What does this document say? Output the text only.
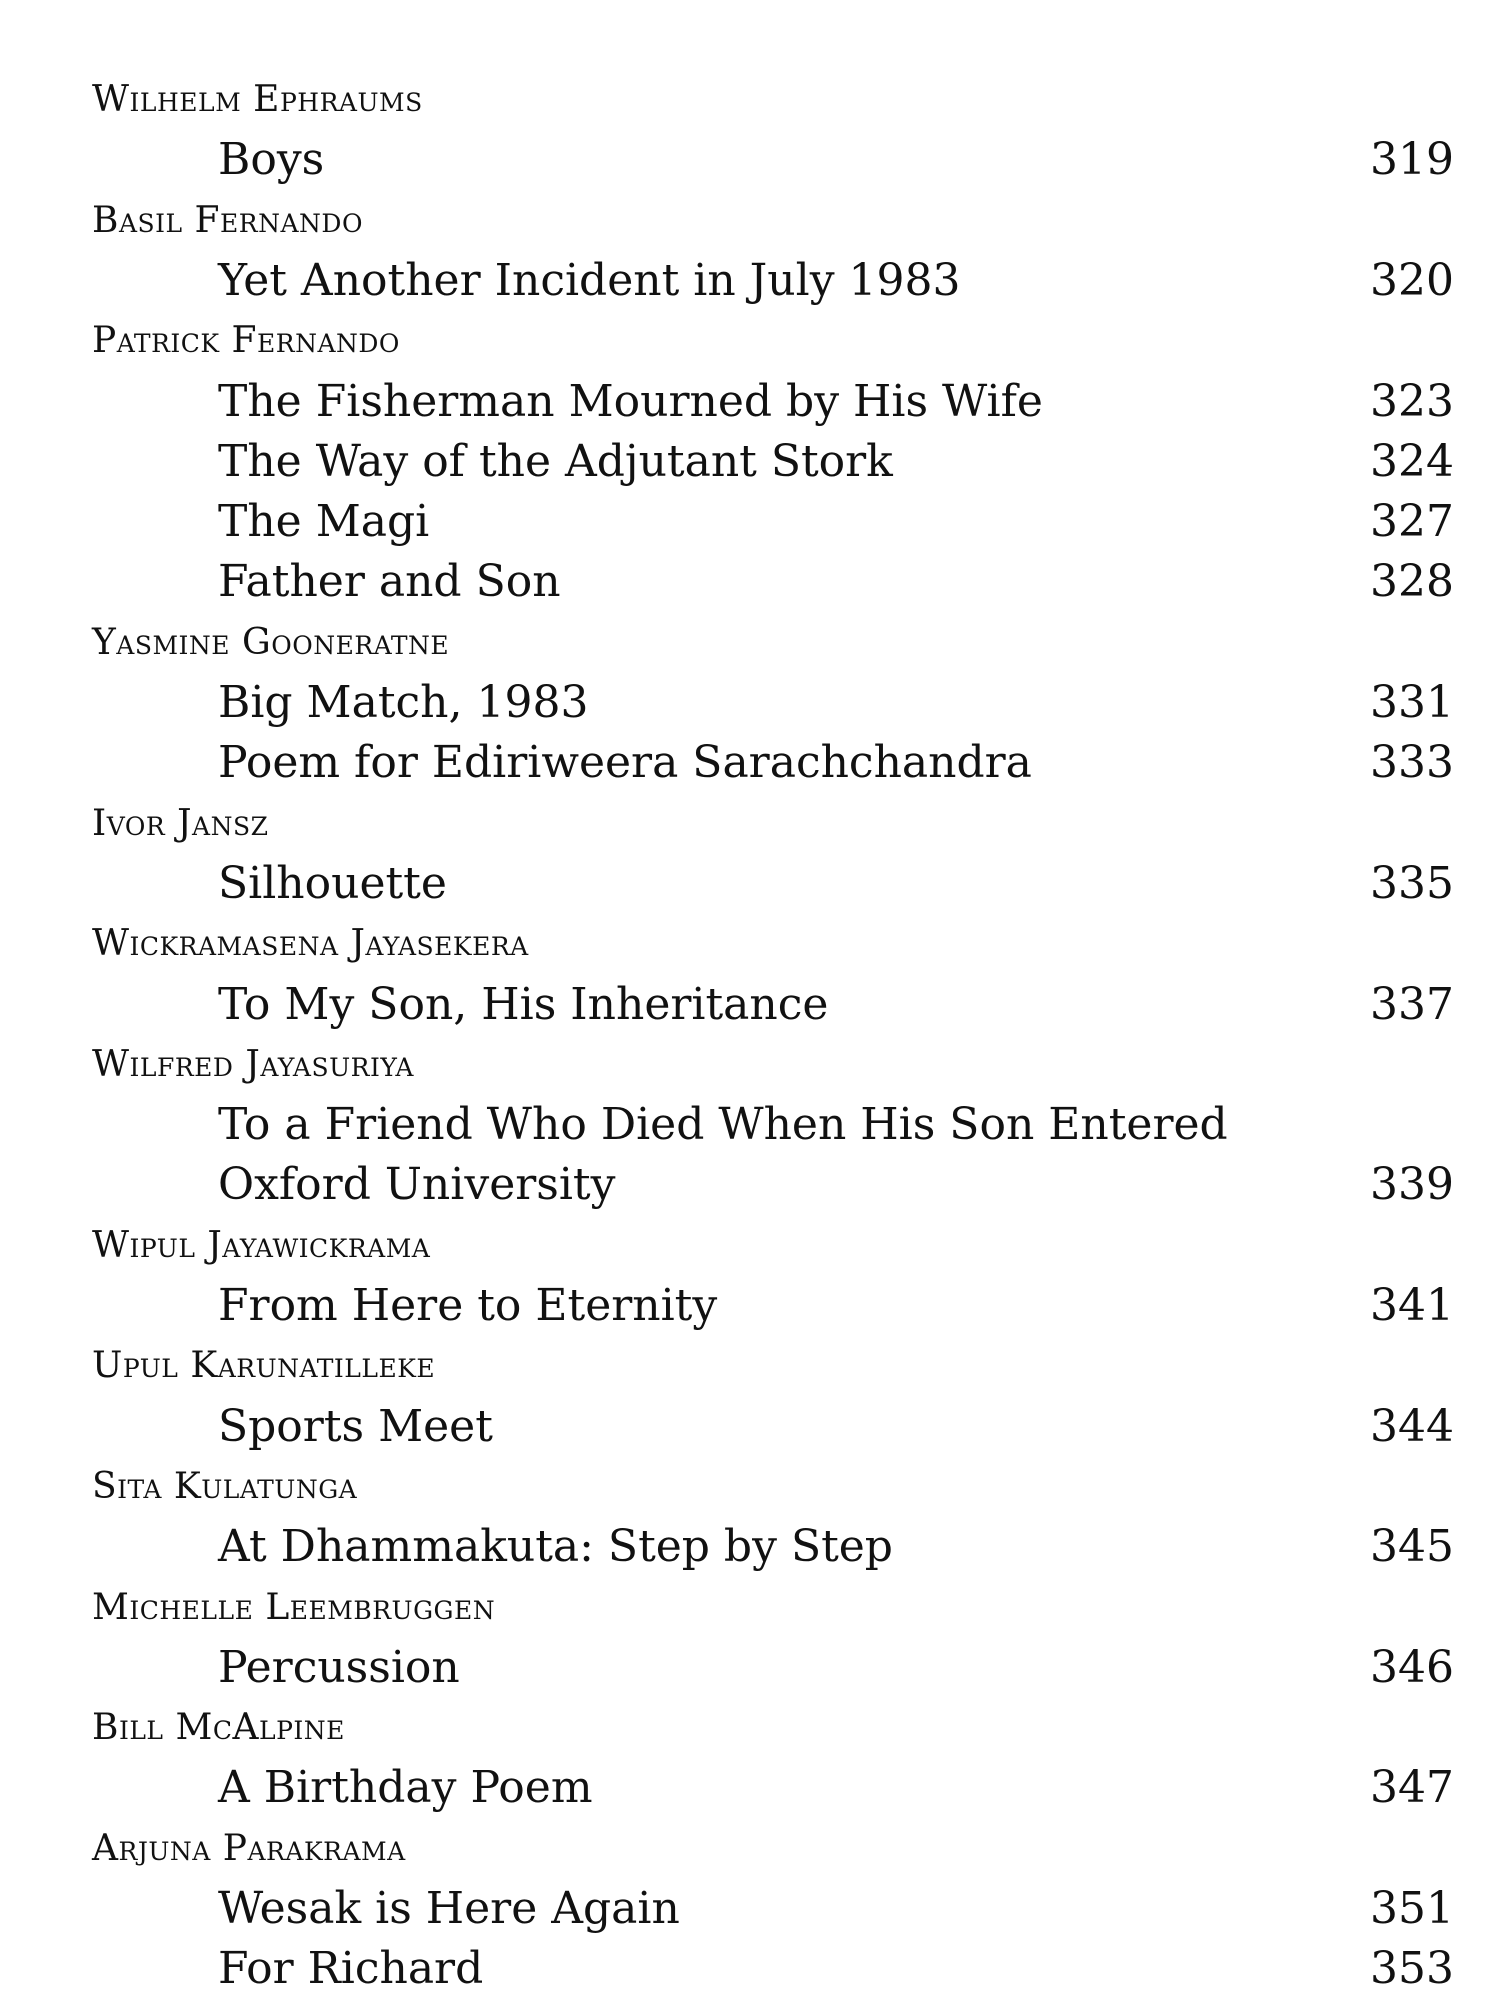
Wilhelm Ephraums
Boys	319
Basil Fernando
Yet Another Incident in July 1983	320
Patrick Fernando
The Fisherman Mourned by His Wife	323
The Way of the Adjutant Stork	324
The Magi	327
Father and Son	328
Yasmine Gooneratne
Big Match, 1983	331
Poem for Ediriweera Sarachchandra	333
Ivor Jansz
Silhouette	335
Wickramasena Jayasekera
To My Son, His Inheritance	337
Wilfred Jayasuriya
To a Friend Who Died When His Son Entered
Oxford University	339
Wipul Jayawickrama
From Here to Eternity	341
Upul Karunatilleke
Sports Meet	344
Sita Kulatunga
At Dhammakuta: Step by Step	345
Michelle Leembruggen
Percussion	346
Bill McAlpine
A Birthday Poem	347
Arjuna Parakrama
Wesak is Here Again	351
For Richard	353
